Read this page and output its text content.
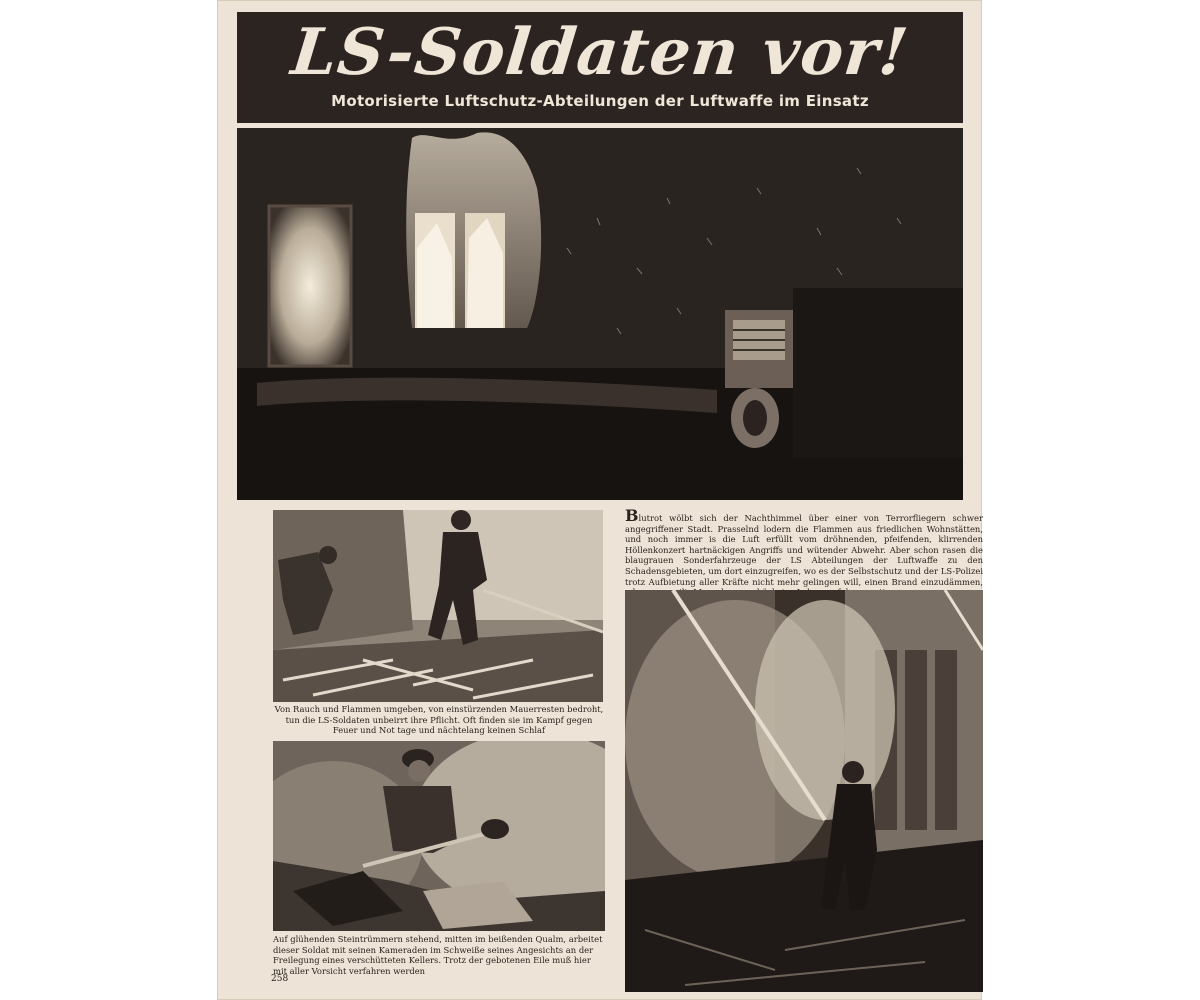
LS-Soldaten vor!
Motorisierte Luftschutz-Abteilungen der Luftwaffe im Einsatz
Von Rauch und Flammen umgeben, von einstürzenden Mauerresten bedroht, tun die LS-Soldaten unbeirrt ihre Pflicht. Oft finden sie im Kampf gegen Feuer und Not tage und nächtelang keinen Schlaf
Auf glühenden Steintrümmern stehend, mitten im beißenden Qualm, arbeitet dieser Soldat mit seinen Kameraden im Schweiße seines Angesichts an der Freilegung eines verschütteten Kellers. Trotz der gebotenen Eile muß hier mit aller Vorsicht verfahren werden
Blutrot wölbt sich der Nachthimmel über einer von Terrorfliegern schwer angegriffener Stadt. Prasselnd lodern die Flammen aus friedlichen Wohnstätten, und noch immer is die Luft erfüllt vom dröhnenden, pfeifenden, klirrenden Höllenkonzert hartnäckigen Angriffs und wütender Abwehr. Aber schon rasen die blaugrauen Sonderfahrzeuge der LS Abteilungen der Luftwaffe zu den Schadensgebieten, um dort einzugreifen, wo es der Selbstschutz und der LS-Polizei trotz Aufbietung aller Kräfte nicht mehr gelingen will, einen Brand einzudämmen,
258
